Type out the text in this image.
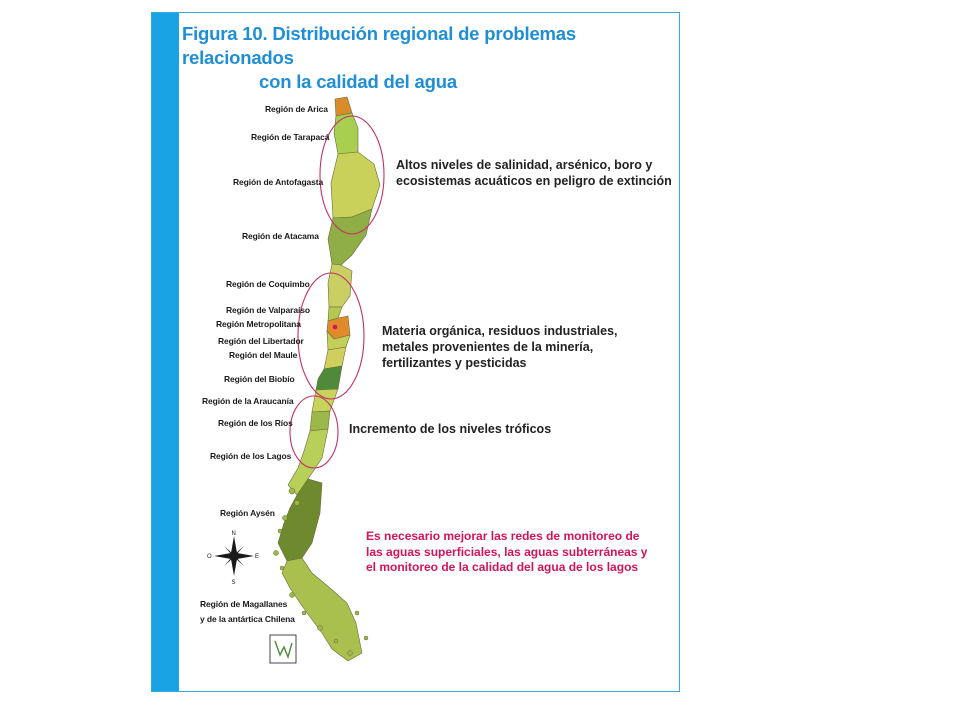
Figura 10. Distribución regional de problemas relacionados
con la calidad del agua
N
S
E
O
Región de Arica
Región de Tarapacá
Región de Antofagasta
Región de Atacama
Región de Coquimbo
Región de Valparaíso
Región Metropolitana
Región del Libertador
Región del Maule
Región del Biobío
Región de la Araucanía
Región de los Ríos
Región de los Lagos
Región Aysén
Región de Magallanes
y de la antártica Chilena
Altos niveles de salinidad, arsénico, boro y
ecosistemas acuáticos en peligro de extinción
Materia orgánica, residuos industriales,
metales provenientes de la minería,
fertilizantes y pesticidas
Incremento de los niveles tróficos
Es necesario mejorar las redes de monitoreo de
las aguas superficiales, las aguas subterráneas y
el monitoreo de la calidad del agua de los lagos
